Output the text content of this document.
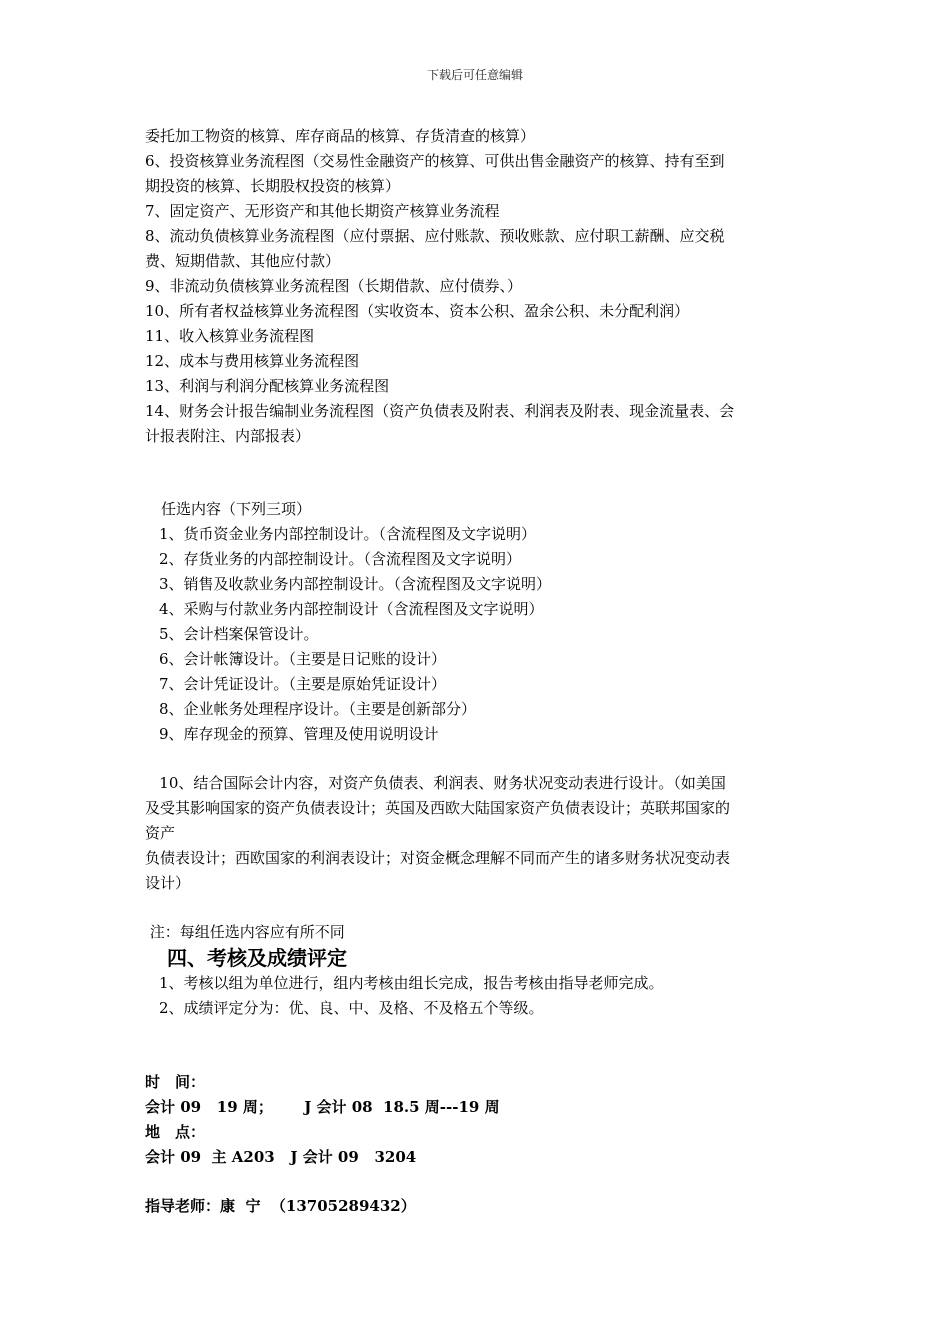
下载后可任意编辑
委托加工物资的核算、库存商品的核算、存货清查的核算）
6、投资核算业务流程图（交易性金融资产的核算、可供出售金融资产的核算、持有至到
期投资的核算、长期股权投资的核算）
7、固定资产、无形资产和其他长期资产核算业务流程
8、流动负债核算业务流程图（应付票据、应付账款、预收账款、应付职工薪酬、应交税
费、短期借款、其他应付款）
9、非流动负债核算业务流程图（长期借款、应付债券、）
10、所有者权益核算业务流程图（实收资本、资本公积、盈余公积、未分配利润）
11、收入核算业务流程图
12、成本与费用核算业务流程图
13、利润与利润分配核算业务流程图
14、财务会计报告编制业务流程图（资产负债表及附表、利润表及附表、现金流量表、会
计报表附注、内部报表）
任选内容（下列三项）
1、货币资金业务内部控制设计。（含流程图及文字说明）
2、存货业务的内部控制设计。（含流程图及文字说明）
3、销售及收款业务内部控制设计。（含流程图及文字说明）
4、采购与付款业务内部控制设计（含流程图及文字说明）
5、会计档案保管设计。
6、会计帐簿设计。（主要是日记账的设计）
7、会计凭证设计。（主要是原始凭证设计）
8、企业帐务处理程序设计。（主要是创新部分）
9、库存现金的预算、管理及使用说明设计
10、结合国际会计内容，对资产负债表、利润表、财务状况变动表进行设计。（如美国
及受其影响国家的资产负债表设计；英国及西欧大陆国家资产负债表设计；英联邦国家的
资产
负债表设计；西欧国家的利润表设计；对资金概念理解不同而产生的诸多财务状况变动表
设计）
注：每组任选内容应有所不同
四、考核及成绩评定
1、考核以组为单位进行，组内考核由组长完成，报告考核由指导老师完成。
2、成绩评定分为：优、良、中、及格、不及格五个等级。
时　间：
会计 09   19 周；      J 会计 08  18.5 周---19 周
地　点：
会计 09  主 A203   J 会计 09   3204
指导老师：康  宁  （13705289432）
